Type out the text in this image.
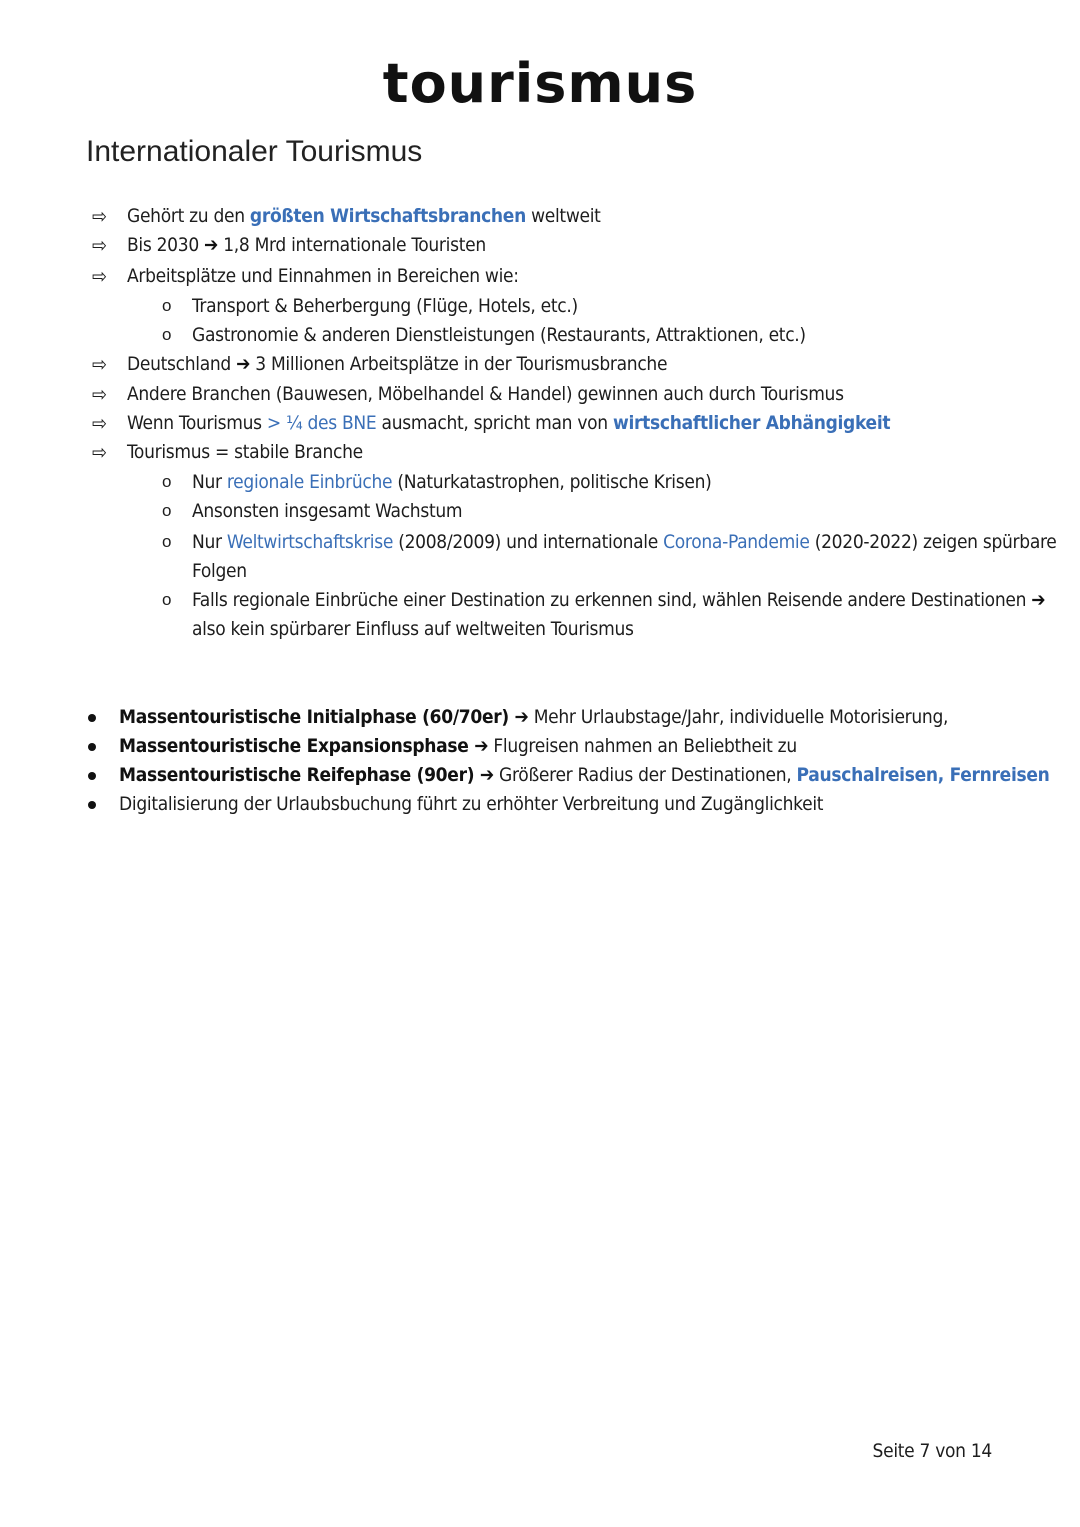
tourismus
Internationaler Tourismus
⇨ Gehört zu den größten Wirtschaftsbranchen weltweit
⇨ Bis 2030 ➔ 1,8 Mrd internationale Touristen
⇨ Arbeitsplätze und Einnahmen in Bereichen wie:
o Transport & Beherbergung (Flüge, Hotels, etc.)
o Gastronomie & anderen Dienstleistungen (Restaurants, Attraktionen, etc.)
⇨ Deutschland ➔ 3 Millionen Arbeitsplätze in der Tourismusbranche
⇨ Andere Branchen (Bauwesen, Möbelhandel & Handel) gewinnen auch durch Tourismus
⇨ Wenn Tourismus > ¼ des BNE ausmacht, spricht man von wirtschaftlicher Abhängigkeit
⇨ Tourismus = stabile Branche
o Nur regionale Einbrüche (Naturkatastrophen, politische Krisen)
o Ansonsten insgesamt Wachstum
o Nur Weltwirtschaftskrise (2008/2009) und internationale Corona-Pandemie (2020-2022) zeigen spürbare
Folgen
o Falls regionale Einbrüche einer Destination zu erkennen sind, wählen Reisende andere Destinationen ➔
also kein spürbarer Einfluss auf weltweiten Tourismus
Massentouristische Initialphase (60/70er) ➔ Mehr Urlaubstage/Jahr, individuelle Motorisierung,
Massentouristische Expansionsphase ➔ Flugreisen nahmen an Beliebtheit zu
Massentouristische Reifephase (90er) ➔ Größerer Radius der Destinationen, Pauschalreisen, Fernreisen
Digitalisierung der Urlaubsbuchung führt zu erhöhter Verbreitung und Zugänglichkeit
Seite 7 von 14
